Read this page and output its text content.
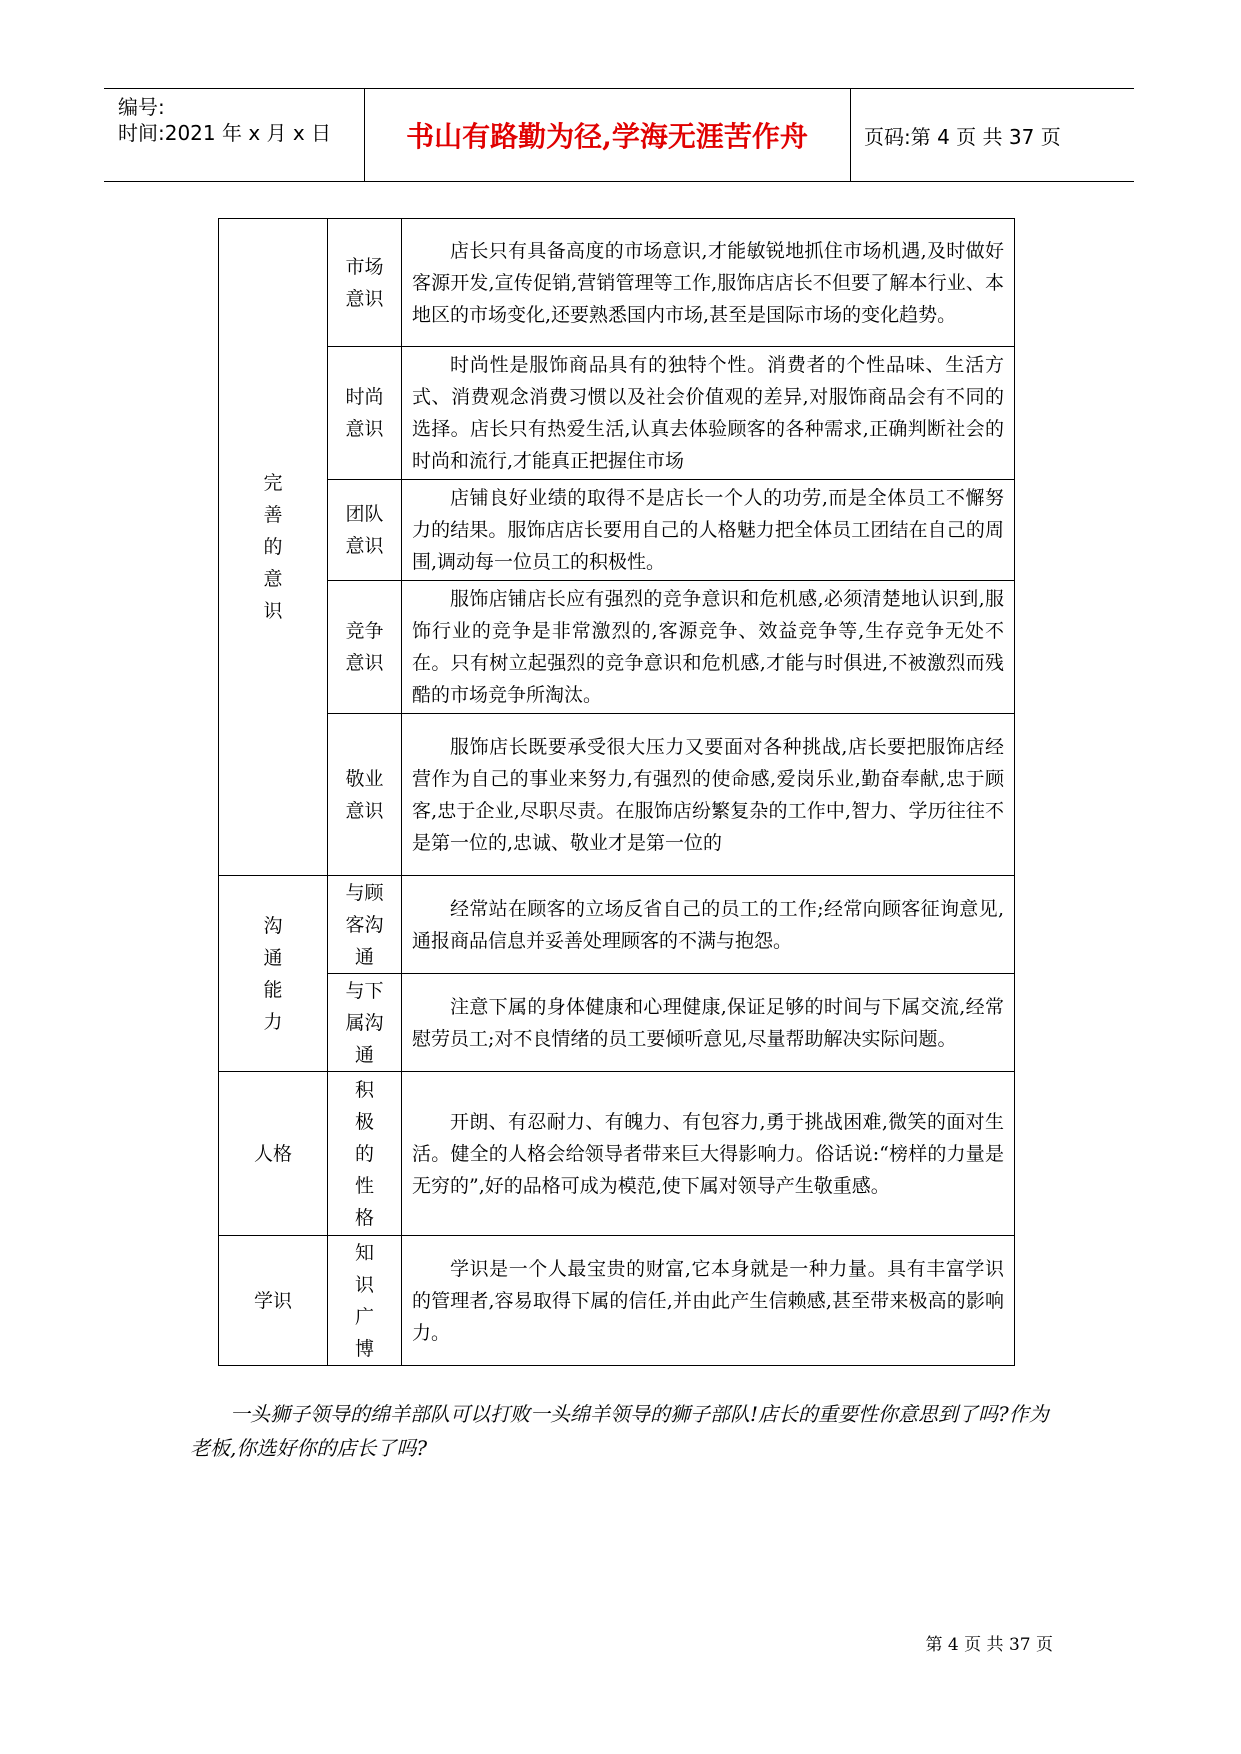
编号:
时间:2021 年 x 月 x 日	书山有路勤为径,学海无涯苦作舟	页码:第 4 页 共 37 页
完善的意识	市场意识	店长只有具备高度的市场意识,才能敏锐地抓住市场机遇,及时做好客源开发,宣传促销,营销管理等工作,服饰店店长不但要了解本行业、本地区的市场变化,还要熟悉国内市场,甚至是国际市场的变化趋势。
	时尚意识	时尚性是服饰商品具有的独特个性。消费者的个性品味、生活方式、消费观念消费习惯以及社会价值观的差异,对服饰商品会有不同的选择。店长只有热爱生活,认真去体验顾客的各种需求,正确判断社会的时尚和流行,才能真正把握住市场
	团队意识	店铺良好业绩的取得不是店长一个人的功劳,而是全体员工不懈努力的结果。服饰店店长要用自己的人格魅力把全体员工团结在自己的周围,调动每一位员工的积极性。
	竞争意识	服饰店铺店长应有强烈的竞争意识和危机感,必须清楚地认识到,服饰行业的竞争是非常激烈的,客源竞争、效益竞争等,生存竞争无处不在。只有树立起强烈的竞争意识和危机感,才能与时俱进,不被激烈而残酷的市场竞争所淘汰。
	敬业意识	服饰店长既要承受很大压力又要面对各种挑战,店长要把服饰店经营作为自己的事业来努力,有强烈的使命感,爱岗乐业,勤奋奉献,忠于顾客,忠于企业,尽职尽责。在服饰店纷繁复杂的工作中,智力、学历往往不是第一位的,忠诚、敬业才是第一位的
沟通能力	与顾客沟通	经常站在顾客的立场反省自己的员工的工作;经常向顾客征询意见,通报商品信息并妥善处理顾客的不满与抱怨。
	与下属沟通	注意下属的身体健康和心理健康,保证足够的时间与下属交流,经常慰劳员工;对不良情绪的员工要倾听意见,尽量帮助解决实际问题。
人格	积极的性格	开朗、有忍耐力、有魄力、有包容力,勇于挑战困难,微笑的面对生活。健全的人格会给领导者带来巨大得影响力。俗话说:“榜样的力量是无穷的”,好的品格可成为模范,使下属对领导产生敬重感。
学识	知识广博	学识是一个人最宝贵的财富,它本身就是一种力量。具有丰富学识的管理者,容易取得下属的信任,并由此产生信赖感,甚至带来极高的影响力。
一头狮子领导的绵羊部队可以打败一头绵羊领导的狮子部队!店长的重要性你意思到了吗?作为老板,你选好你的店长了吗?
第 4 页 共 37 页
